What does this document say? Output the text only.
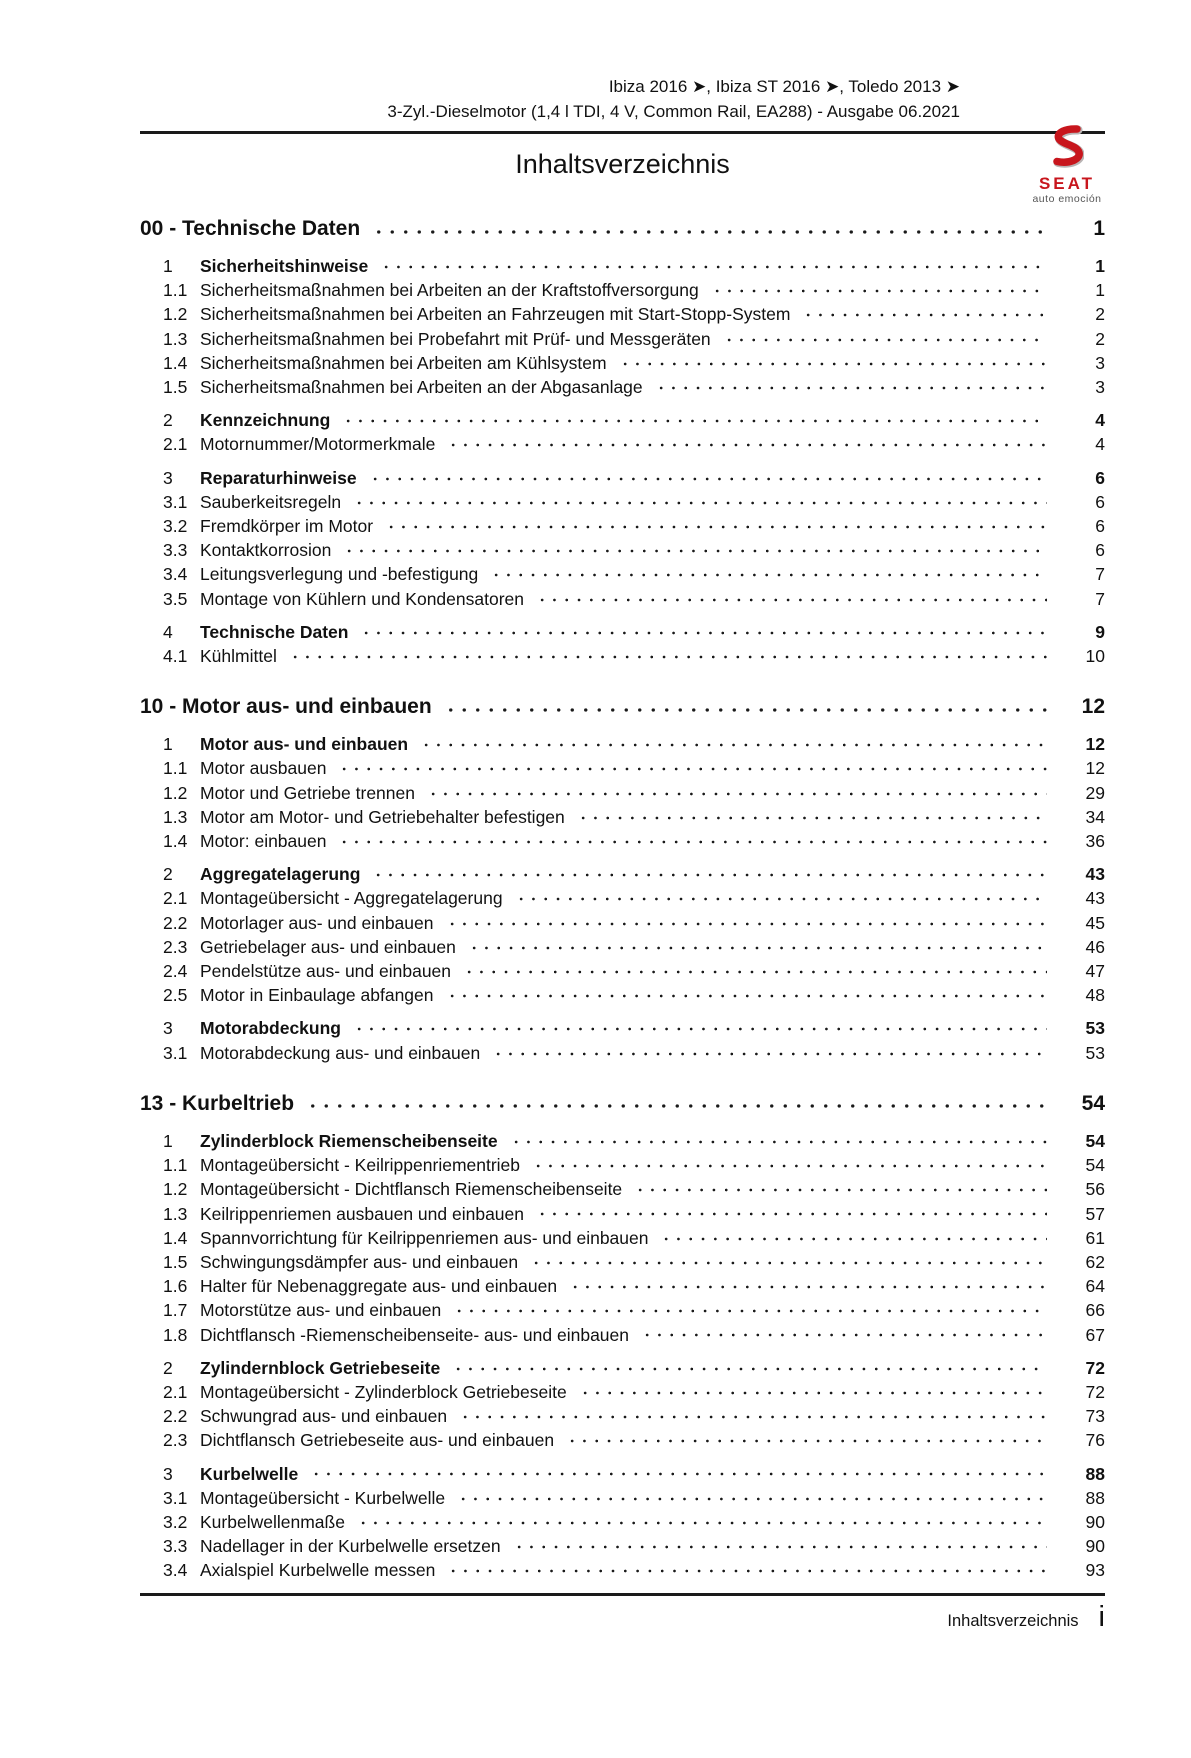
Ibiza 2016 ➤, Ibiza ST 2016 ➤, Toledo 2013 ➤
3-Zyl.-Dieselmotor (1,4 l TDI, 4 V, Common Rail, EA288) - Ausgabe 06.2021
SEAT
auto emoción
Inhaltsverzeichnis
00 - Technische Daten	1
1	Sicherheitshinweise	1
1.1 Sicherheitsmaßnahmen bei Arbeiten an der Kraftstoffversorgung	1
1.2 Sicherheitsmaßnahmen bei Arbeiten an Fahrzeugen mit Start-Stopp-System	2
1.3 Sicherheitsmaßnahmen bei Probefahrt mit Prüf- und Messgeräten	2
1.4 Sicherheitsmaßnahmen bei Arbeiten am Kühlsystem	3
1.5 Sicherheitsmaßnahmen bei Arbeiten an der Abgasanlage	3
2	Kennzeichnung	4
2.1 Motornummer/Motormerkmale	4
3	Reparaturhinweise	6
3.1 Sauberkeitsregeln	6
3.2 Fremdkörper im Motor	6
3.3 Kontaktkorrosion	6
3.4 Leitungsverlegung und -befestigung	7
3.5 Montage von Kühlern und Kondensatoren	7
4	Technische Daten	9
4.1 Kühlmittel	10
10 - Motor aus- und einbauen	12
1	Motor aus- und einbauen	12
1.1 Motor ausbauen	12
1.2 Motor und Getriebe trennen	29
1.3 Motor am Motor- und Getriebehalter befestigen	34
1.4 Motor: einbauen	36
2	Aggregatelagerung	43
2.1 Montageübersicht - Aggregatelagerung	43
2.2 Motorlager aus- und einbauen	45
2.3 Getriebelager aus- und einbauen	46
2.4 Pendelstütze aus- und einbauen	47
2.5 Motor in Einbaulage abfangen	48
3	Motorabdeckung	53
3.1 Motorabdeckung aus- und einbauen	53
13 - Kurbeltrieb	54
1	Zylinderblock Riemenscheibenseite	54
1.1 Montageübersicht - Keilrippenriementrieb	54
1.2 Montageübersicht - Dichtflansch Riemenscheibenseite	56
1.3 Keilrippenriemen ausbauen und einbauen	57
1.4 Spannvorrichtung für Keilrippenriemen aus- und einbauen	61
1.5 Schwingungsdämpfer aus- und einbauen	62
1.6 Halter für Nebenaggregate aus- und einbauen	64
1.7 Motorstütze aus- und einbauen	66
1.8 Dichtflansch -Riemenscheibenseite- aus- und einbauen	67
2	Zylindernblock Getriebeseite	72
2.1 Montageübersicht - Zylinderblock Getriebeseite	72
2.2 Schwungrad aus- und einbauen	73
2.3 Dichtflansch Getriebeseite aus- und einbauen	76
3	Kurbelwelle	88
3.1 Montageübersicht - Kurbelwelle	88
3.2 Kurbelwellenmaße	90
3.3 Nadellager in der Kurbelwelle ersetzen	90
3.4 Axialspiel Kurbelwelle messen	93
Inhaltsverzeichnis i
